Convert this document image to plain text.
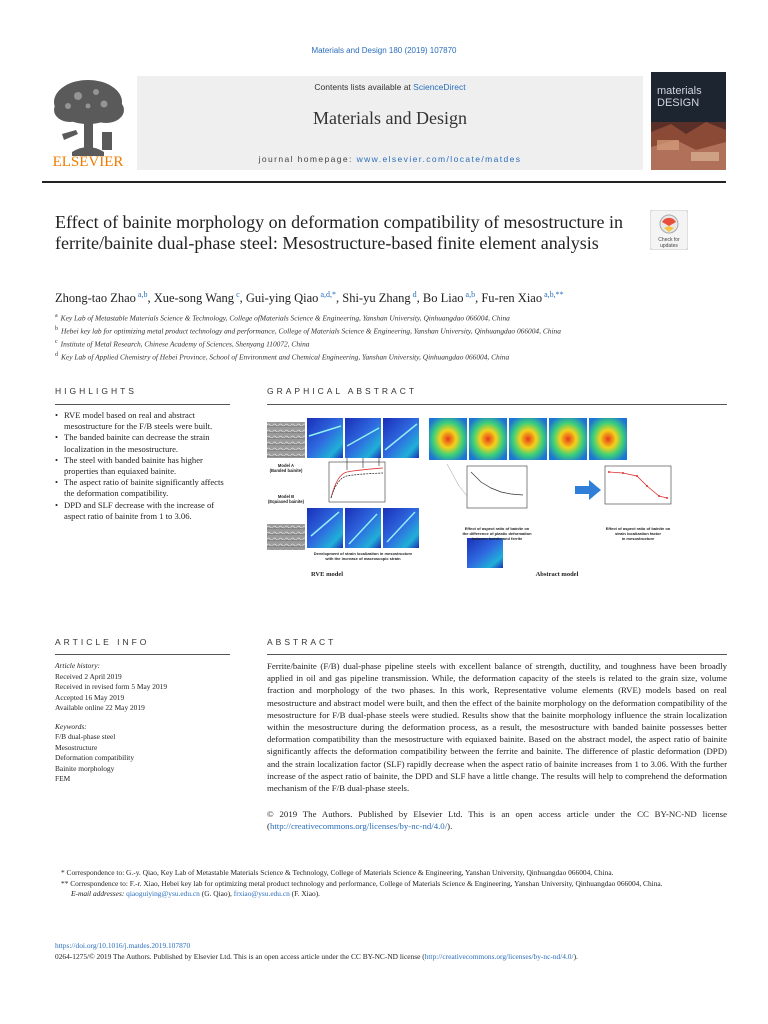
Materials and Design 180 (2019) 107870
ELSEVIER
Contents lists available at ScienceDirect
Materials and Design
journal homepage: www.elsevier.com/locate/matdes
materials
DESIGN
Effect of bainite morphology on deformation compatibility of mesostructure in ferrite/bainite dual-phase steel: Mesostructure-based finite element analysis	Check for
updates
Zhong-tao Zhao $^{a,b}$, Xue-song Wang $^c$, Gui-ying Qiao $^{a,d,*}$, Shi-yu Zhang $^d$, Bo Liao $^{a,b}$, Fu-ren Xiao $^{a,b,**}$
$^a$ Key Lab of Metastable Materials Science & Technology, College ofMaterials Science & Engineering, Yanshan University, Qinhuangdao 066004, China
$^b$ Hebei key lab for optimizing metal product technology and performance, College of Materials Science & Engineering, Yanshan University, Qinhuangdao 066004, China
$^c$ Institute of Metal Research, Chinese Academy of Sciences, Shenyang 110072, China
$^d$ Key Lab of Applied Chemistry of Hebei Province, School of Environment and Chemical Engineering, Yanshan University, Qinhuangdao 066004, China
HIGHLIGHTS
• RVE model based on real and abstract mesostructure for the F/B steels were built.
• The banded bainite can decrease the strain localization in the mesostructure.
• The steel with banded bainite has higher properties than equiaxed bainite.
• The aspect ratio of bainite significantly affects the deformation compatibility.
• DPD and SLF decrease with the increase of aspect ratio of bainite from 1 to 3.06.
GRAPHICAL ABSTRACT
Model A
(Banded bainite)
Model B
(Equiaxed bainite)
Development of strain localization in mesostructure
with the increase of macroscopic strain
RVE model
Effect of aspect ratio of bainite on
the difference of plastic deformation
between bainite and ferrite
Effect of aspect ratio of bainite on
strain localization factor
in mesostructure
Abstract model
ARTICLE INFO
Article history:
Received 2 April 2019
Received in revised form 5 May 2019
Accepted 16 May 2019
Available online 22 May 2019
Keywords:
F/B dual-phase steel
Mesostructure
Deformation compatibility
Bainite morphology
FEM
ABSTRACT

Ferrite/bainite (F/B) dual-phase pipeline steels with excellent balance of strength, ductility, and toughness have been broadly applied in oil and gas pipeline transmission. While, the deformation capacity of the steels is related to the grain size, volume fraction and morphology of the two phases. In this work, Representative volume elements (RVE) models based on real mesostructure and abstract model were built, and then the effect of the bainite morphology on the deformation compatibility of the mesostructure for F/B dual-phase steels were studied. Results show that the bainite morphology influence the strain localization within the mesostructure during the deformation process, as a result, the mesostructure with banded bainite possesses better deformation compatibility than the mesostructure with equiaxed bainite. Based on the abstract model, the aspect ratio of bainite significantly affects the deformation compatibility between the ferrite and bainite. The difference of plastic deformation (DPD) and the strain localization factor (SLF) rapidly decrease when the aspect ratio of bainite increases from 1 to 3.06. With the further increase of the aspect ratio of bainite, the DPD and SLF have a little change. The results will help to comprehend the deformation mechanism of the F/B dual-phase steels.

© 2019 The Authors. Published by Elsevier Ltd. This is an open access article under the CC BY-NC-ND license (http://creativecommons.org/licenses/by-nc-nd/4.0/).

* Correspondence to: G.-y. Qiao, Key Lab of Metastable Materials Science & Technology, College of Materials Science & Engineering, Yanshan University, Qinhuangdao 066004, China.
** Correspondence to: F.-r. Xiao, Hebei key lab for optimizing metal product technology and performance, College of Materials Science & Engineering, Yanshan University, Qinhuangdao 066004, China.
E-mail addresses: qiaoguiying@ysu.edu.cn (G. Qiao), frxiao@ysu.edu.cn (F. Xiao).
https://doi.org/10.1016/j.matdes.2019.107870
0264-1275/© 2019 The Authors. Published by Elsevier Ltd. This is an open access article under the CC BY-NC-ND license (http://creativecommons.org/licenses/by-nc-nd/4.0/).
